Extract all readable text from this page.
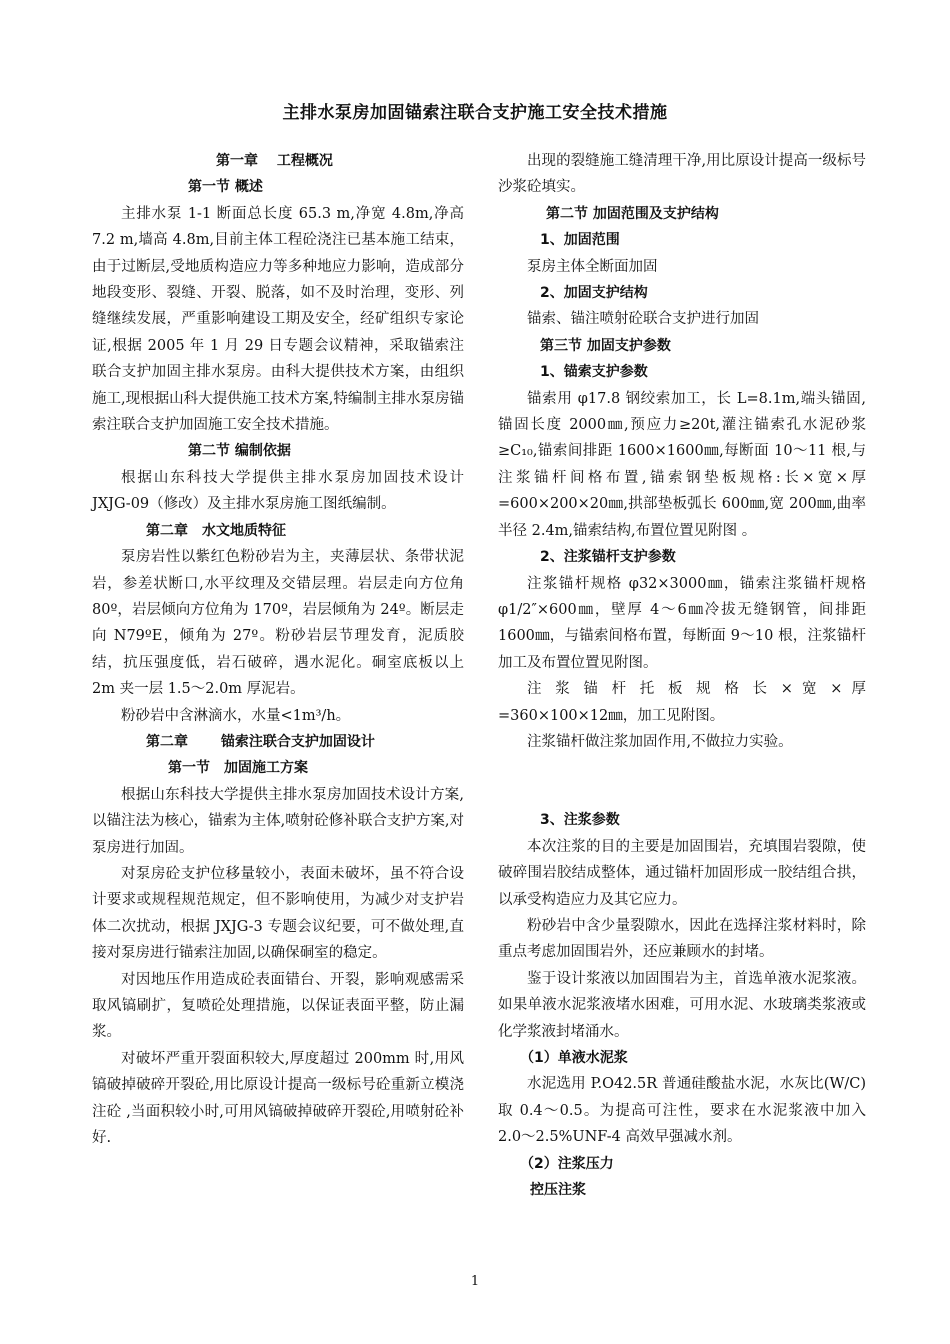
主排水泵房加固锚索注联合支护施工安全技术措施

第一章　 工程概况

第一节 概述

主排水泵 1-1 断面总长度 65.3 m,净宽 4.8m,净高 7.2 m,墙高 4.8m,目前主体工程砼浇注已基本施工结束，由于过断层,受地质构造应力等多种地应力影响，造成部分地段变形、裂缝、开裂、脱落，如不及时治理，变形、列缝继续发展，严重影响建设工期及安全，经矿组织专家论证,根据 2005 年 1 月 29 日专题会议精神，采取锚索注联合支护加固主排水泵房。由科大提供技术方案，由组织施工,现根据山科大提供施工技术方案,特编制主排水泵房锚索注联合支护加固施工安全技术措施。

第二节 编制依据

根据山东科技大学提供主排水泵房加固技术设计 JXJG-09（修改）及主排水泵房施工图纸编制。

第二章　水文地质特征

泵房岩性以紫红色粉砂岩为主，夹薄层状、条带状泥岩，参差状断口,水平纹理及交错层理。岩层走向方位角 80º，岩层倾向方位角为 170º，岩层倾角为 24º。断层走向 N79ºE，倾角为 27º。粉砂岩层节理发育，泥质胶结，抗压强度低，岩石破碎，遇水泥化。硐室底板以上 2m 夹一层 1.5～2.0m 厚泥岩。

粉砂岩中含淋滴水，水量<1m³/h。

第二章　　 锚索注联合支护加固设计

第一节　加固施工方案

根据山东科技大学提供主排水泵房加固技术设计方案,以锚注法为核心，锚索为主体,喷射砼修补联合支护方案,对泵房进行加固。

对泵房砼支护位移量较小，表面未破坏，虽不符合设计要求或规程规范规定，但不影响使用，为减少对支护岩体二次扰动，根据 JXJG-3 专题会议纪要，可不做处理,直接对泵房进行锚索注加固,以确保硐室的稳定。

对因地压作用造成砼表面错台、开裂，影响观感需采取风镐刷扩，复喷砼处理措施，以保证表面平整，防止漏浆。

对破坏严重开裂面积较大,厚度超过 200mm 时,用风镐破掉破碎开裂砼,用比原设计提高一级标号砼重新立模浇注砼 ,当面积较小时,可用风镐破掉破碎开裂砼,用喷射砼补好.

出现的裂缝施工缝清理干净,用比原设计提高一级标号沙浆砼填实。

第二节 加固范围及支护结构

1、加固范围

泵房主体全断面加固

2、加固支护结构

锚索、锚注喷射砼联合支护进行加固

第三节 加固支护参数

1、锚索支护参数

锚索用 φ17.8 钢绞索加工，长 L=8.1m,端头锚固,锚固长度 2000㎜,预应力≥20t,灌注锚索孔水泥砂浆≥C₁₀,锚索间排距 1600×1600㎜,每断面 10～11 根,与注浆锚杆间格布置,锚索钢垫板规格:长×宽×厚=600×200×20㎜,拱部垫板弧长 600㎜,宽 200㎜,曲率半径 2.4m,锚索结构,布置位置见附图 。

2、注浆锚杆支护参数

注浆锚杆规格 φ32×3000㎜，锚索注浆锚杆规格 φ1/2″×600㎜，壁厚 4～6㎜冷拔无缝钢管，间排距 1600㎜，与锚索间格布置，每断面 9～10 根，注浆锚杆加工及布置位置见附图。

注 浆 锚 杆 托 板 规 格 长 × 宽 × 厚=360×100×12㎜，加工见附图。

注浆锚杆做注浆加固作用,不做拉力实验。

3、注浆参数

本次注浆的目的主要是加固围岩，充填围岩裂隙，使破碎围岩胶结成整体，通过锚杆加固形成一胶结组合拱，以承受构造应力及其它应力。

粉砂岩中含少量裂隙水，因此在选择注浆材料时，除重点考虑加固围岩外，还应兼顾水的封堵。

鉴于设计浆液以加固围岩为主，首选单液水泥浆液。如果单液水泥浆液堵水困难，可用水泥、水玻璃类浆液或化学浆液封堵涌水。

（1）单液水泥浆

水泥选用 P.O42.5R 普通硅酸盐水泥，水灰比(W/C)取 0.4～0.5。为提高可注性，要求在水泥浆液中加入 2.0～2.5%UNF-4 高效早强减水剂。

（2）注浆压力

控压注浆

1
